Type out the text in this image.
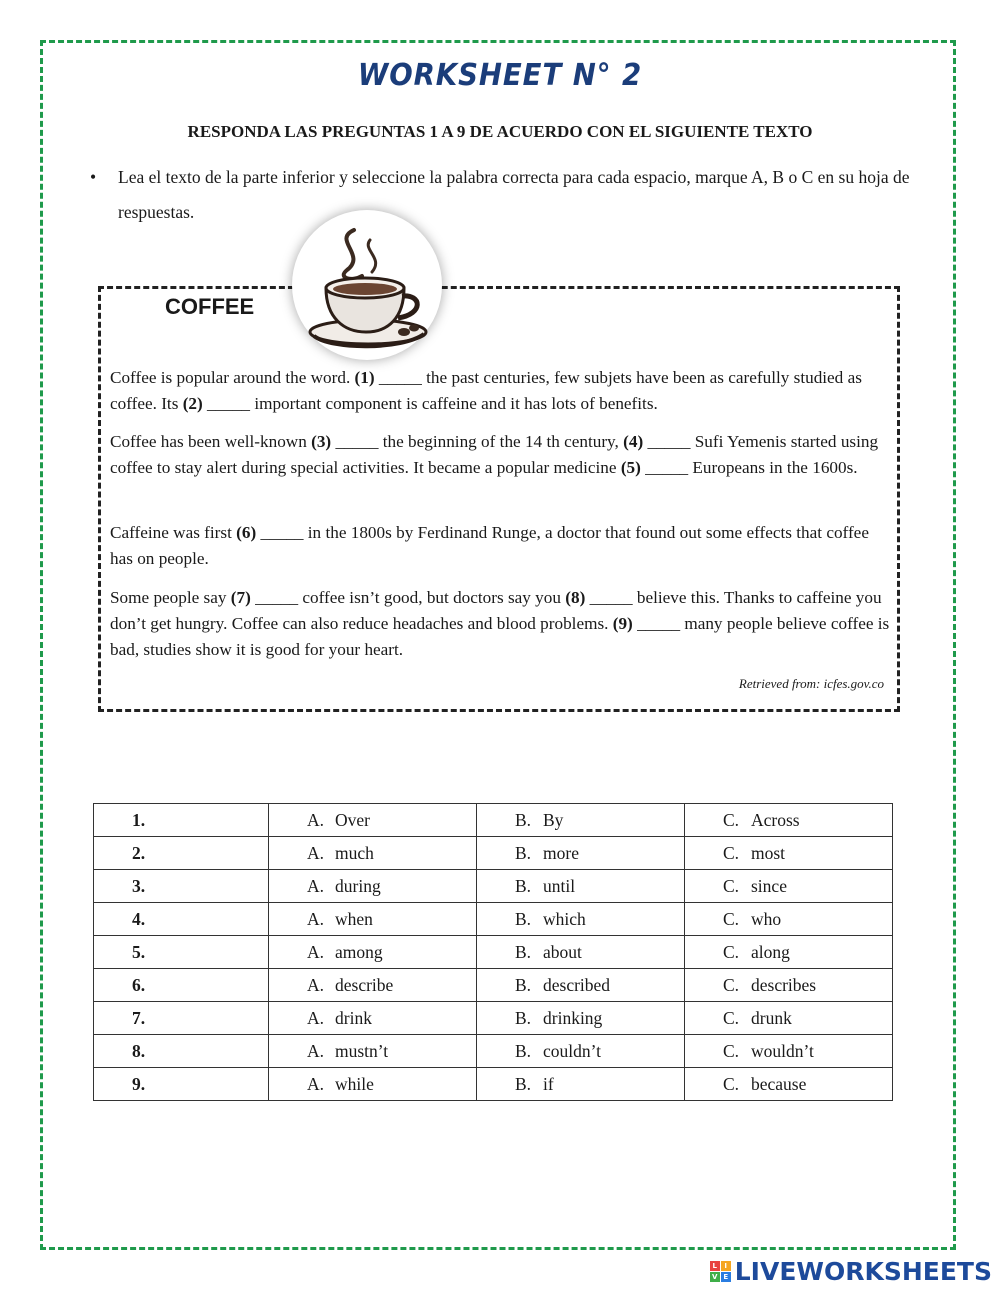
WORKSHEET N° 2
RESPONDA LAS PREGUNTAS 1 A 9 DE ACUERDO CON EL SIGUIENTE TEXTO
•	Lea el texto de la parte inferior y seleccione la palabra correcta para cada espacio, marque A, B o C en su hoja de respuestas.
COFFEE
Coffee is popular around the word. (1) _____ the past centuries, few subjets have been as carefully studied as coffee. Its (2) _____ important component is caffeine and it has lots of benefits.
Coffee has been well-known (3) _____ the beginning of the 14 th century, (4) _____ Sufi Yemenis started using coffee to stay alert during special activities. It became a popular medicine (5) _____ Europeans in the 1600s.
Caffeine was first (6) _____ in the 1800s by Ferdinand Runge, a doctor that found out some effects that coffee has on people.
Some people say (7) _____ coffee isn’t good, but doctors say you (8) _____ believe this. Thanks to caffeine you don’t get hungry. Coffee can also reduce headaches and blood problems. (9) _____ many people believe coffee is bad, studies show it is good for your heart.
Retrieved from: icfes.gov.co
1.	A. Over	B. By	C. Across
2.	A. much	B. more	C. most
3.	A. during	B. until	C. since
4.	A. when	B. which	C. who
5.	A. among	B. about	C. along
6.	A. describe	B. described	C. describes
7.	A. drink	B. drinking	C. drunk
8.	A. mustn’t	B. couldn’t	C. wouldn’t
9.	A. while	B. if	C. because
L	I
V E LIVEWORKSHEETS
